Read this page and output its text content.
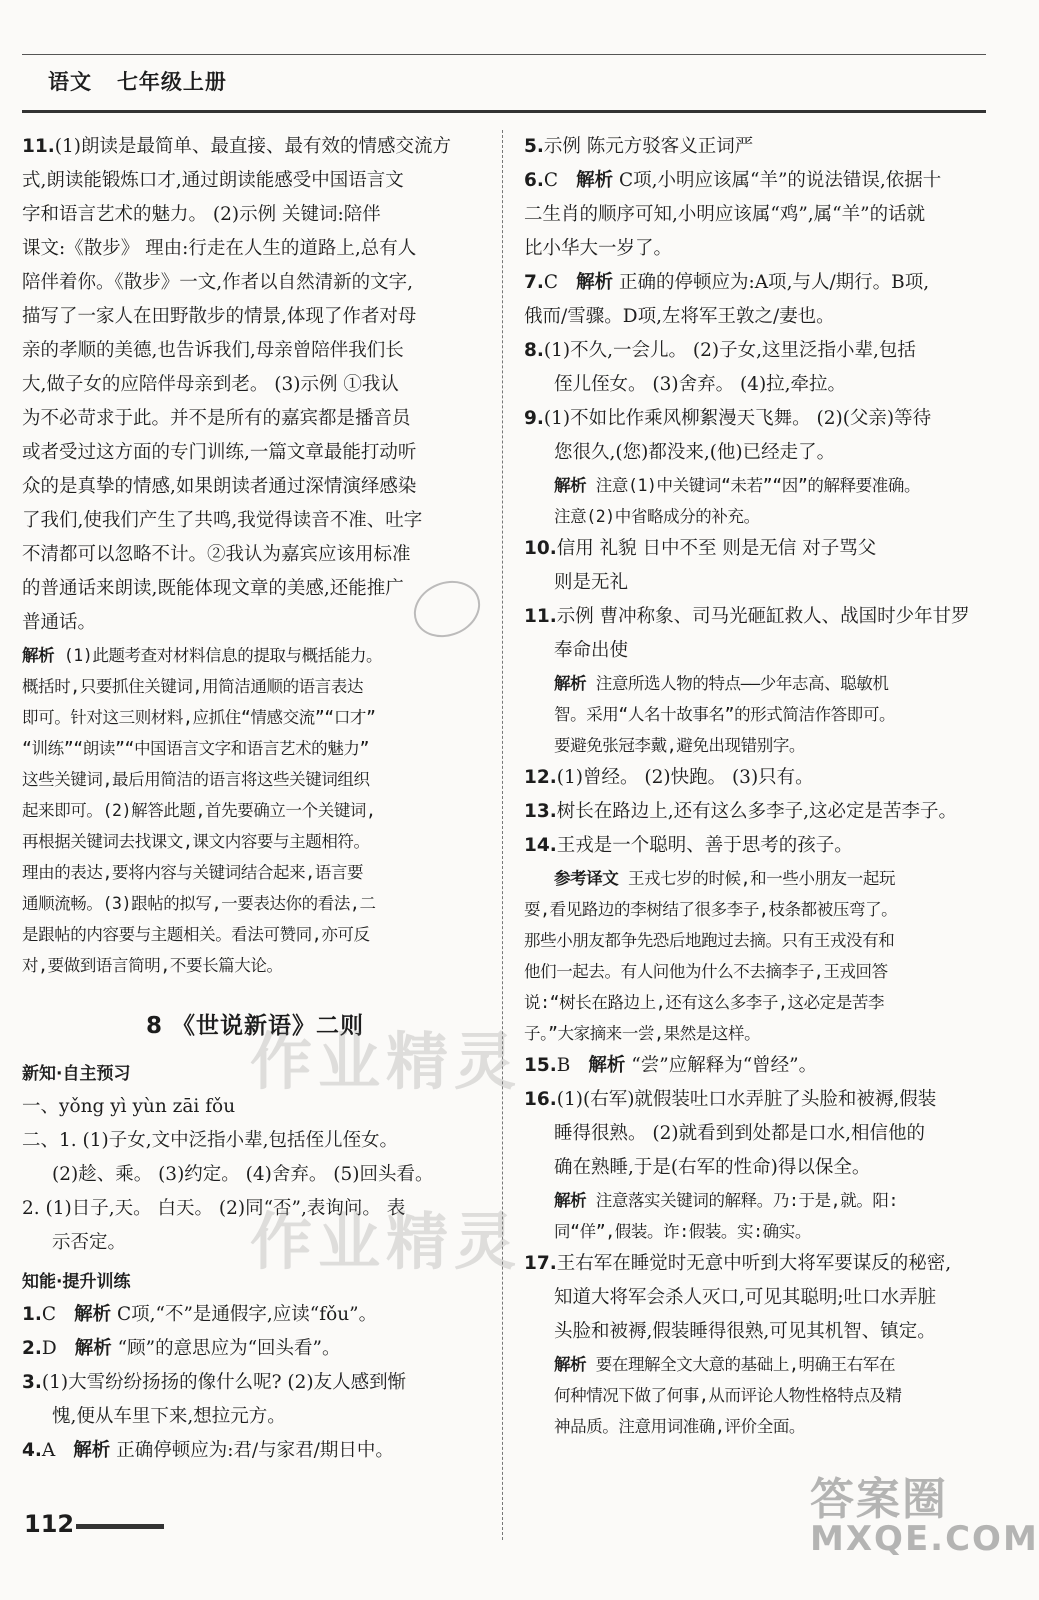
语文 七年级上册

11.(1)朗读是最简单、最直接、最有效的情感交流方

式,朗读能锻炼口才,通过朗读能感受中国语言文

字和语言艺术的魅力。 (2)示例 关键词:陪伴

课文:《散步》 理由:行走在人生的道路上,总有人

陪伴着你。《散步》一文,作者以自然清新的文字,

描写了一家人在田野散步的情景,体现了作者对母

亲的孝顺的美德,也告诉我们,母亲曾陪伴我们长

大,做子女的应陪伴母亲到老。 (3)示例 ①我认

为不必苛求于此。并不是所有的嘉宾都是播音员

或者受过这方面的专门训练,一篇文章最能打动听

众的是真挚的情感,如果朗读者通过深情演绎感染

了我们,使我们产生了共鸣,我觉得读音不准、吐字

不清都可以忽略不计。②我认为嘉宾应该用标准

的普通话来朗读,既能体现文章的美感,还能推广

普通话。

解析 (1)此题考查对材料信息的提取与概括能力。

概括时,只要抓住关键词,用简洁通顺的语言表达

即可。针对这三则材料,应抓住“情感交流”“口才”

“训练”“朗读”“中国语言文字和语言艺术的魅力”

这些关键词,最后用简洁的语言将这些关键词组织

起来即可。(2)解答此题,首先要确立一个关键词,

再根据关键词去找课文,课文内容要与主题相符。

理由的表达,要将内容与关键词结合起来,语言要

通顺流畅。(3)跟帖的拟写,一要表达你的看法,二

是跟帖的内容要与主题相关。看法可赞同,亦可反

对,要做到语言简明,不要长篇大论。

8 《世说新语》二则

新知·自主预习

一、yǒng yì yùn zāi fǒu

二、1. (1)子女,文中泛指小辈,包括侄儿侄女。

(2)趁、乘。 (3)约定。 (4)舍弃。 (5)回头看。

2. (1)日子,天。 白天。 (2)同“否”,表询问。 表

示否定。

知能·提升训练

1.C 解析 C项,“不”是通假字,应读“fǒu”。

2.D 解析 “顾”的意思应为“回头看”。

3.(1)大雪纷纷扬扬的像什么呢? (2)友人感到惭

愧,便从车里下来,想拉元方。

4.A 解析 正确停顿应为:君/与家君/期日中。

5.示例 陈元方驳客义正词严

6.C 解析 C项,小明应该属“羊”的说法错误,依据十

二生肖的顺序可知,小明应该属“鸡”,属“羊”的话就

比小华大一岁了。

7.C 解析 正确的停顿应为:A项,与人/期行。B项,

俄而/雪骤。D项,左将军王敦之/妻也。

8.(1)不久,一会儿。 (2)子女,这里泛指小辈,包括

侄儿侄女。 (3)舍弃。 (4)拉,牵拉。

9.(1)不如比作乘风柳絮漫天飞舞。 (2)(父亲)等待

您很久,(您)都没来,(他)已经走了。

解析 注意(1)中关键词“未若”“因”的解释要准确。

注意(2)中省略成分的补充。

10.信用 礼貌 日中不至 则是无信 对子骂父

则是无礼

11.示例 曹冲称象、司马光砸缸救人、战国时少年甘罗

奉命出使

解析 注意所选人物的特点——少年志高、聪敏机

智。采用“人名十故事名”的形式简洁作答即可。

要避免张冠李戴,避免出现错别字。

12.(1)曾经。 (2)快跑。 (3)只有。

13.树长在路边上,还有这么多李子,这必定是苦李子。

14.王戎是一个聪明、善于思考的孩子。

参考译文 王戎七岁的时候,和一些小朋友一起玩

耍,看见路边的李树结了很多李子,枝条都被压弯了。

那些小朋友都争先恐后地跑过去摘。只有王戎没有和

他们一起去。有人问他为什么不去摘李子,王戎回答

说:“树长在路边上,还有这么多李子,这必定是苦李

子。”大家摘来一尝,果然是这样。

15.B 解析 “尝”应解释为“曾经”。

16.(1)(右军)就假装吐口水弄脏了头脸和被褥,假装

睡得很熟。 (2)就看到到处都是口水,相信他的

确在熟睡,于是(右军的性命)得以保全。

解析 注意落实关键词的解释。乃:于是,就。阳:

同“佯”,假装。诈:假装。实:确实。

17.王右军在睡觉时无意中听到大将军要谋反的秘密,

知道大将军会杀人灭口,可见其聪明;吐口水弄脏

头脸和被褥,假装睡得很熟,可见其机智、镇定。

解析 要在理解全文大意的基础上,明确王右军在

何种情况下做了何事,从而评论人物性格特点及精

神品质。注意用词准确,评价全面。

作业精灵
作业精灵
答案圈
MXQE.COM
112
